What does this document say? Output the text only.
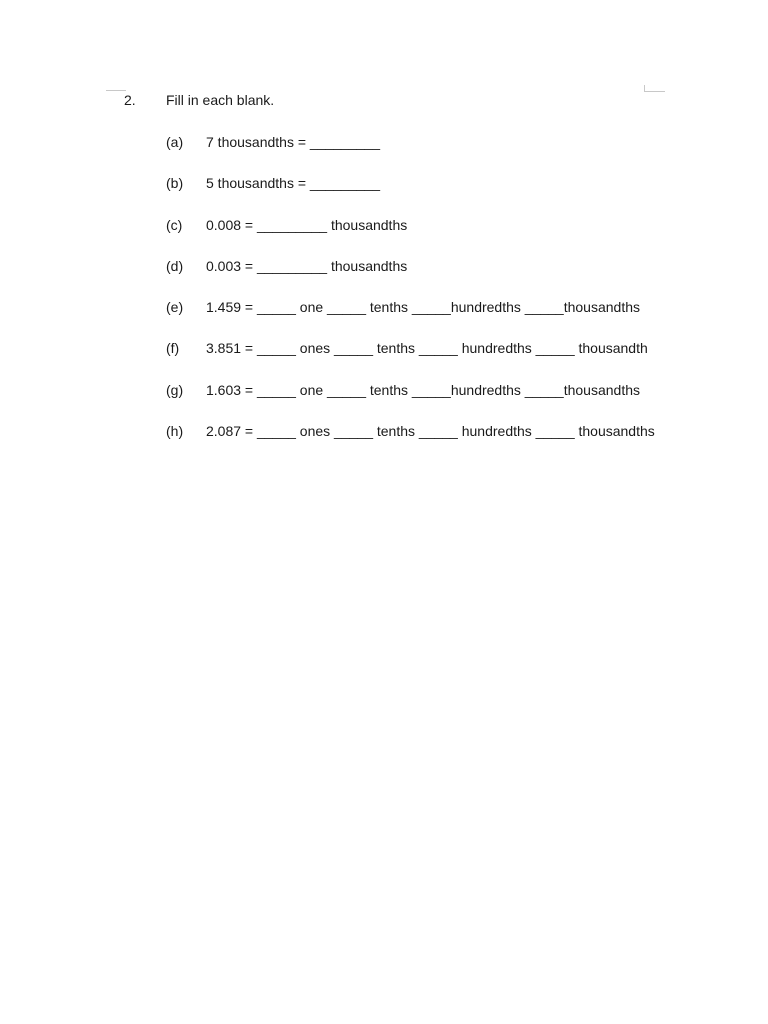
2.	Fill in each blank.
(a)	7 thousandths = _________
(b)	5 thousandths = _________
(c)	0.008 = _________ thousandths
(d)	0.003 = _________ thousandths
(e)	1.459 = _____ one _____ tenths _____hundredths _____thousandths
(f)	3.851 = _____ ones _____ tenths _____ hundredths _____ thousandth
(g)	1.603 = _____ one _____ tenths _____hundredths _____thousandths
(h)	2.087 = _____ ones _____ tenths _____ hundredths _____ thousandths
